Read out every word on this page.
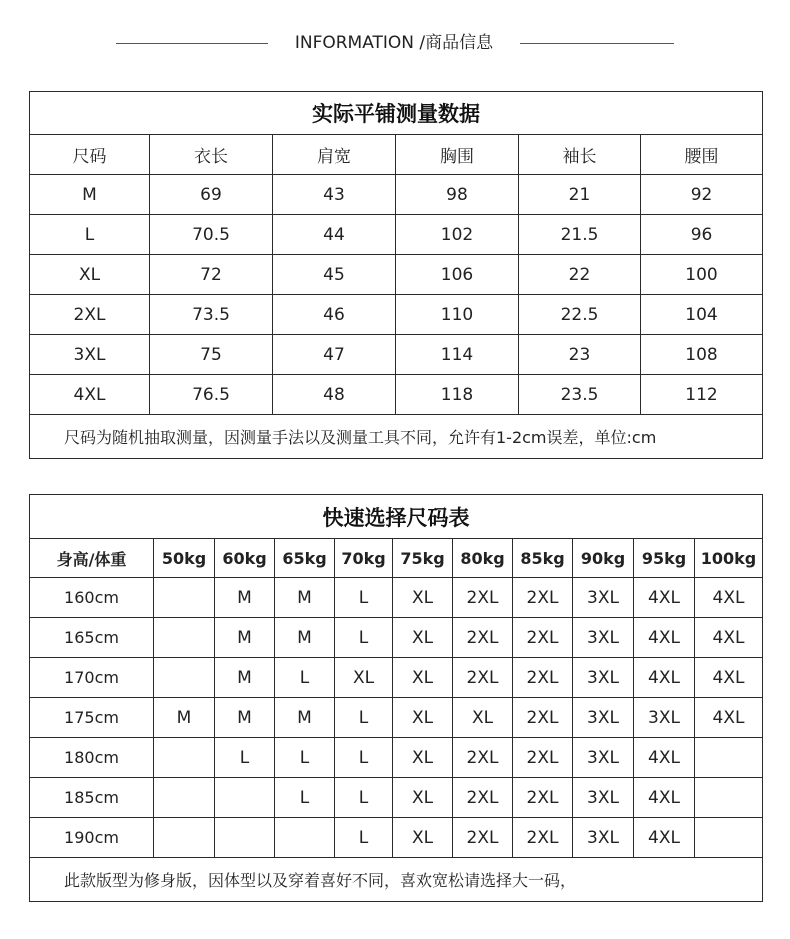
INFORMATION /商品信息
实际平铺测量数据					
尺码	衣长	肩宽	胸围	袖长	腰围
M	69	43	98	21	92
L	70.5	44	102	21.5	96
XL	72	45	106	22	100
2XL	73.5	46	110	22.5	104
3XL	75	47	114	23	108
4XL	76.5	48	118	23.5	112
尺码为随机抽取测量，因测量手法以及测量工具不同，允许有1-2cm误差，单位:cm					
快速选择尺码表										
身高/体重	50kg	60kg	65kg	70kg	75kg	80kg	85kg	90kg	95kg	100kg
160cm		M	M	L	XL	2XL	2XL	3XL	4XL	4XL
165cm		M	M	L	XL	2XL	2XL	3XL	4XL	4XL
170cm		M	L	XL	XL	2XL	2XL	3XL	4XL	4XL
175cm	M	M	M	L	XL	XL	2XL	3XL	3XL	4XL
180cm		L	L	L	XL	2XL	2XL	3XL	4XL	
185cm			L	L	XL	2XL	2XL	3XL	4XL	
190cm				L	XL	2XL	2XL	3XL	4XL	
此款版型为修身版，因体型以及穿着喜好不同，喜欢宽松请选择大一码，										
